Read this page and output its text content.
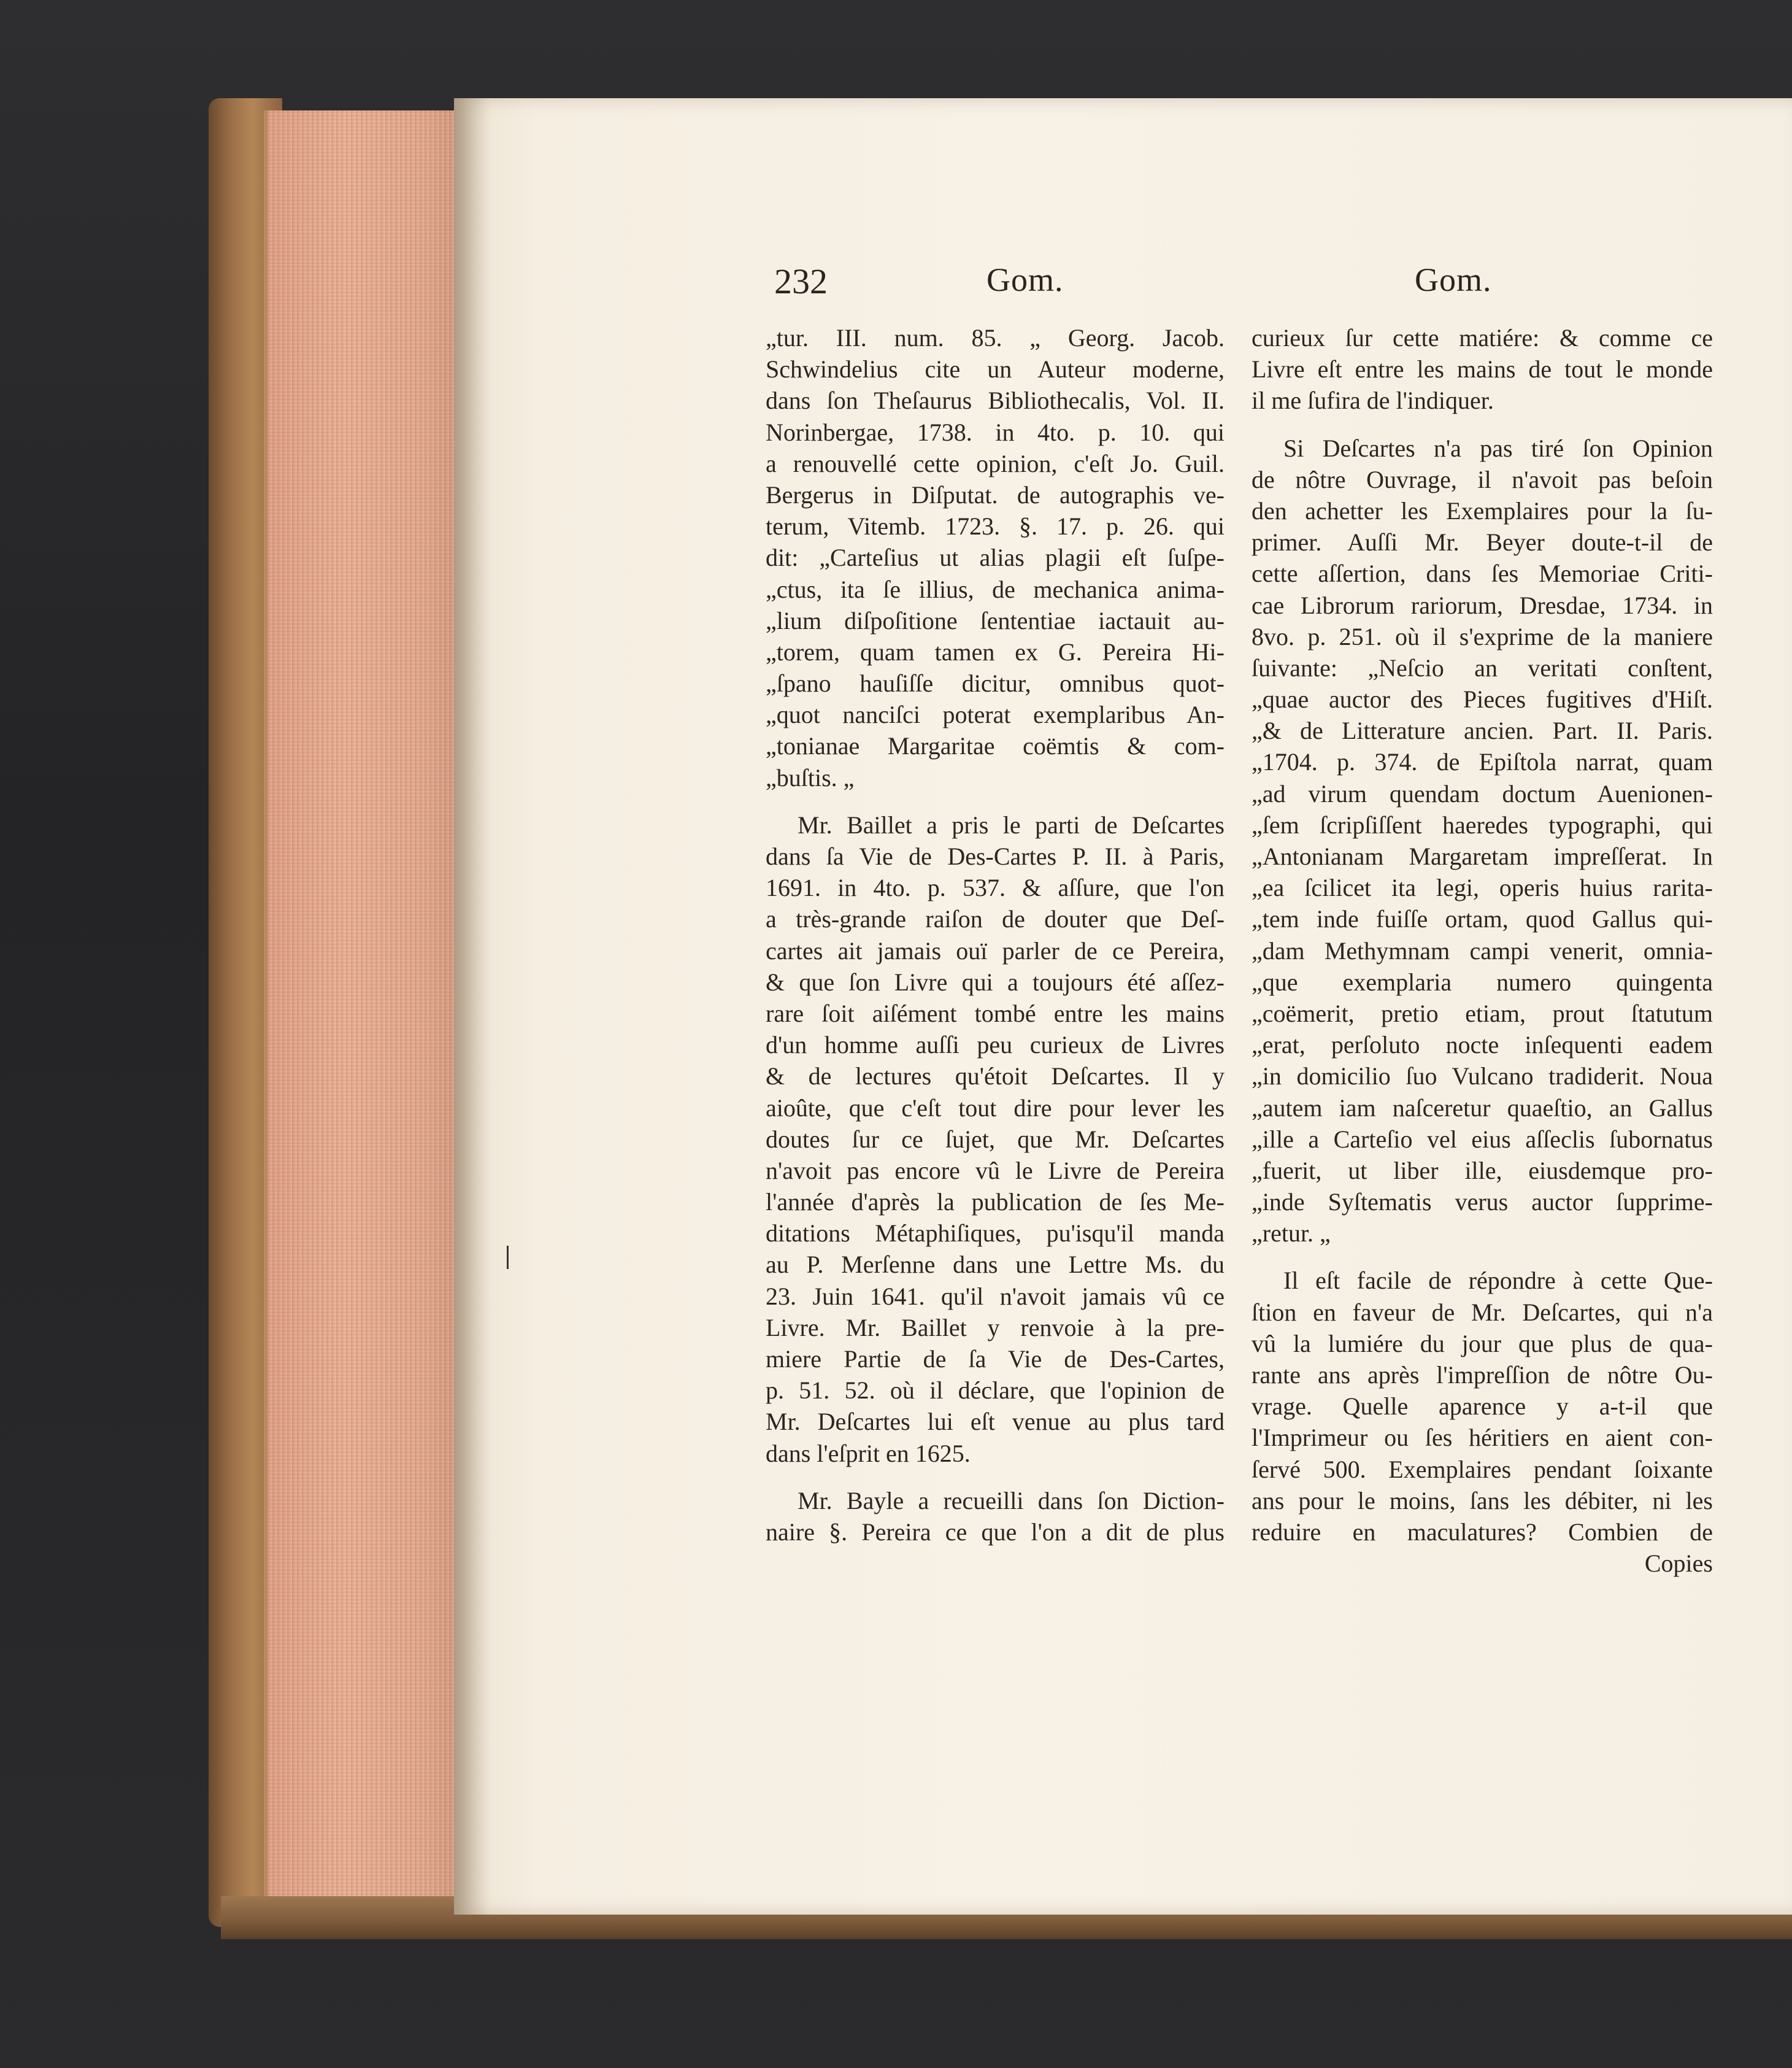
232	Gom.	Gom.
„tur. III. num. 85. „ Georg. Jacob.
Schwindelius cite un Auteur moderne,
dans ſon Theſaurus Bibliothecalis, Vol. II.
Norinbergae, 1738. in 4to. p. 10. qui
a renouvellé cette opinion, c'eſt Jo. Guil.
Bergerus in Diſputat. de autographis ve-
terum, Vitemb. 1723. §. 17. p. 26. qui
dit: „Carteſius ut alias plagii eſt ſuſpe-
„ctus, ita ſe illius, de mechanica anima-
„lium diſpoſitione ſententiae iactauit au-
„torem, quam tamen ex G. Pereira Hi-
„ſpano hauſiſſe dicitur, omnibus quot-
„quot nanciſci poterat exemplaribus An-
„tonianae Margaritae coëmtis & com-
„buſtis. „
Mr. Baillet a pris le parti de Deſcartes
dans ſa Vie de Des-Cartes P. II. à Paris,
1691. in 4to. p. 537. & aſſure, que l'on
a très-grande raiſon de douter que Deſ-
cartes ait jamais ouï parler de ce Pereira,
& que ſon Livre qui a toujours été aſſez-
rare ſoit aiſément tombé entre les mains
d'un homme auſſi peu curieux de Livres
& de lectures qu'étoit Deſcartes. Il y
aioûte, que c'eſt tout dire pour lever les
doutes ſur ce ſujet, que Mr. Deſcartes
n'avoit pas encore vû le Livre de Pereira
l'année d'après la publication de ſes Me-
ditations Métaphiſiques, pu'isqu'il manda
au P. Merſenne dans une Lettre Ms. du
23. Juin 1641. qu'il n'avoit jamais vû ce
Livre. Mr. Baillet y renvoie à la pre-
miere Partie de ſa Vie de Des-Cartes,
p. 51. 52. où il déclare, que l'opinion de
Mr. Deſcartes lui eſt venue au plus tard
dans l'eſprit en 1625.
Mr. Bayle a recueilli dans ſon Diction-
naire §. Pereira ce que l'on a dit de plus
curieux ſur cette matiére: & comme ce
Livre eſt entre les mains de tout le monde
il me ſufira de l'indiquer.
Si Deſcartes n'a pas tiré ſon Opinion
de nôtre Ouvrage, il n'avoit pas beſoin
den achetter les Exemplaires pour la ſu-
primer. Auſſi Mr. Beyer doute-t-il de
cette aſſertion, dans ſes Memoriae Criti-
cae Librorum rariorum, Dresdae, 1734. in
8vo. p. 251. où il s'exprime de la maniere
ſuivante: „Neſcio an veritati conſtent,
„quae auctor des Pieces fugitives d'Hiſt.
„& de Litterature ancien. Part. II. Paris.
„1704. p. 374. de Epiſtola narrat, quam
„ad virum quendam doctum Auenionen-
„ſem ſcripſiſſent haeredes typographi, qui
„Antonianam Margaretam impreſſerat. In
„ea ſcilicet ita legi, operis huius rarita-
„tem inde fuiſſe ortam, quod Gallus qui-
„dam Methymnam campi venerit, omnia-
„que exemplaria numero quingenta
„coëmerit, pretio etiam, prout ſtatutum
„erat, perſoluto nocte inſequenti eadem
„in domicilio ſuo Vulcano tradiderit. Noua
„autem iam naſceretur quaeſtio, an Gallus
„ille a Carteſio vel eius aſſeclis ſubornatus
„fuerit, ut liber ille, eiusdemque pro-
„inde Syſtematis verus auctor ſupprime-
„retur. „
Il eſt facile de répondre à cette Que-
ſtion en faveur de Mr. Deſcartes, qui n'a
vû la lumiére du jour que plus de qua-
rante ans après l'impreſſion de nôtre Ou-
vrage. Quelle aparence y a-t-il que
l'Imprimeur ou ſes héritiers en aient con-
ſervé 500. Exemplaires pendant ſoixante
ans pour le moins, ſans les débiter, ni les
reduire en maculatures? Combien de
Copies
